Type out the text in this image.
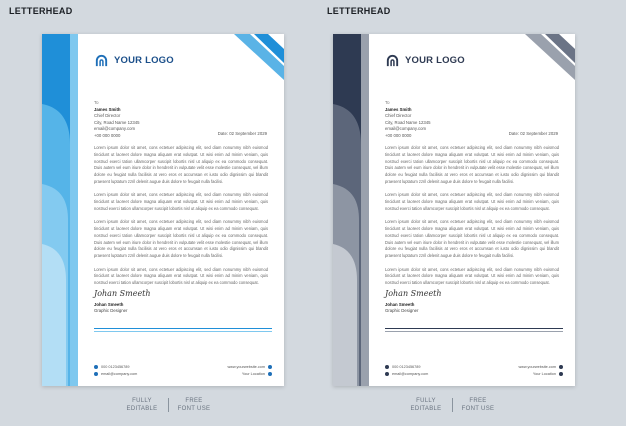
LETTERHEAD	LETTERHEAD
YOUR LOGO
To
James Smith
Chief Director
City, Road Name 12345
email@company.com
+00 000 0000	Date: 02 September 2029
Lorem ipsum dolor sit amet, cons ectetuer adipiscing elit, sed diam nonummy nibh euismod tincidunt ut laoreet dolore magna aliquam erat volutpat. Ut wisi enim ad minim veniam, quis nostrud exerci tation ullamcorper suscipit lobortis nisl ut aliquip ex ea commodo consequat. Duis autem vel eum iriure dolor in hendrerit in vulputate velit esse molestie consequat, vel illum dolore eu feugiat nulla facilisis at vero eros et accumsan et iusto odio dignissim qui blandit praesent luptatum zzril delenit augue duis dolore te feugait nulla facilisi.
Lorem ipsum dolor sit amet, cons ectetuer adipiscing elit, sed diam nonummy nibh euismod tincidunt ut laoreet dolore magna aliquam erat volutpat. Ut wisi enim ad minim veniam, quis nostrud exerci tation ullamcorper suscipit lobortis nisl ut aliquip ex ea commodo consequat.
Lorem ipsum dolor sit amet, cons ectetuer adipiscing elit, sed diam nonummy nibh euismod tincidunt ut laoreet dolore magna aliquam erat volutpat. Ut wisi enim ad minim veniam, quis nostrud exerci tation ullamcorper suscipit lobortis nisl ut aliquip ex ea commodo consequat. Duis autem vel eum iriure dolor in hendrerit in vulputate velit esse molestie consequat, vel illum dolore eu feugiat nulla facilisis at vero eros et accumsan et iusto odio dignissim qui blandit praesent luptatum zzril delenit augue duis dolore te feugait nulla facilisi.
Lorem ipsum dolor sit amet, cons ectetuer adipiscing elit, sed diam nonummy nibh euismod tincidunt ut laoreet dolore magna aliquam erat volutpat. Ut wisi enim ad minim veniam, quis nostrud exerci tation ullamcorper suscipit lobortis nisl ut aliquip ex ea commodo consequat.
Johan Smeeth
Johan Smeeth
Graphic Designer
000 0123456789
email@company.com
www.yourwebsite.com
Your Location
YOUR LOGO
To
James Smith
Chief Director
City, Road Name 12345
email@company.com
+00 000 0000	Date: 02 September 2029
Lorem ipsum dolor sit amet, cons ectetuer adipiscing elit, sed diam nonummy nibh euismod tincidunt ut laoreet dolore magna aliquam erat volutpat. Ut wisi enim ad minim veniam, quis nostrud exerci tation ullamcorper suscipit lobortis nisl ut aliquip ex ea commodo consequat. Duis autem vel eum iriure dolor in hendrerit in vulputate velit esse molestie consequat, vel illum dolore eu feugiat nulla facilisis at vero eros et accumsan et iusto odio dignissim qui blandit praesent luptatum zzril delenit augue duis dolore te feugait nulla facilisi.
Lorem ipsum dolor sit amet, cons ectetuer adipiscing elit, sed diam nonummy nibh euismod tincidunt ut laoreet dolore magna aliquam erat volutpat. Ut wisi enim ad minim veniam, quis nostrud exerci tation ullamcorper suscipit lobortis nisl ut aliquip ex ea commodo consequat.
Lorem ipsum dolor sit amet, cons ectetuer adipiscing elit, sed diam nonummy nibh euismod tincidunt ut laoreet dolore magna aliquam erat volutpat. Ut wisi enim ad minim veniam, quis nostrud exerci tation ullamcorper suscipit lobortis nisl ut aliquip ex ea commodo consequat. Duis autem vel eum iriure dolor in hendrerit in vulputate velit esse molestie consequat, vel illum dolore eu feugiat nulla facilisis at vero eros et accumsan et iusto odio dignissim qui blandit praesent luptatum zzril delenit augue duis dolore te feugait nulla facilisi.
Lorem ipsum dolor sit amet, cons ectetuer adipiscing elit, sed diam nonummy nibh euismod tincidunt ut laoreet dolore magna aliquam erat volutpat. Ut wisi enim ad minim veniam, quis nostrud exerci tation ullamcorper suscipit lobortis nisl ut aliquip ex ea commodo consequat.
Johan Smeeth
Johan Smeeth
Graphic Designer
000 0123456789
email@company.com
www.yourwebsite.com
Your Location
FULLY
EDITABLE
FREE
FONT USE
FULLY
EDITABLE
FREE
FONT USE
